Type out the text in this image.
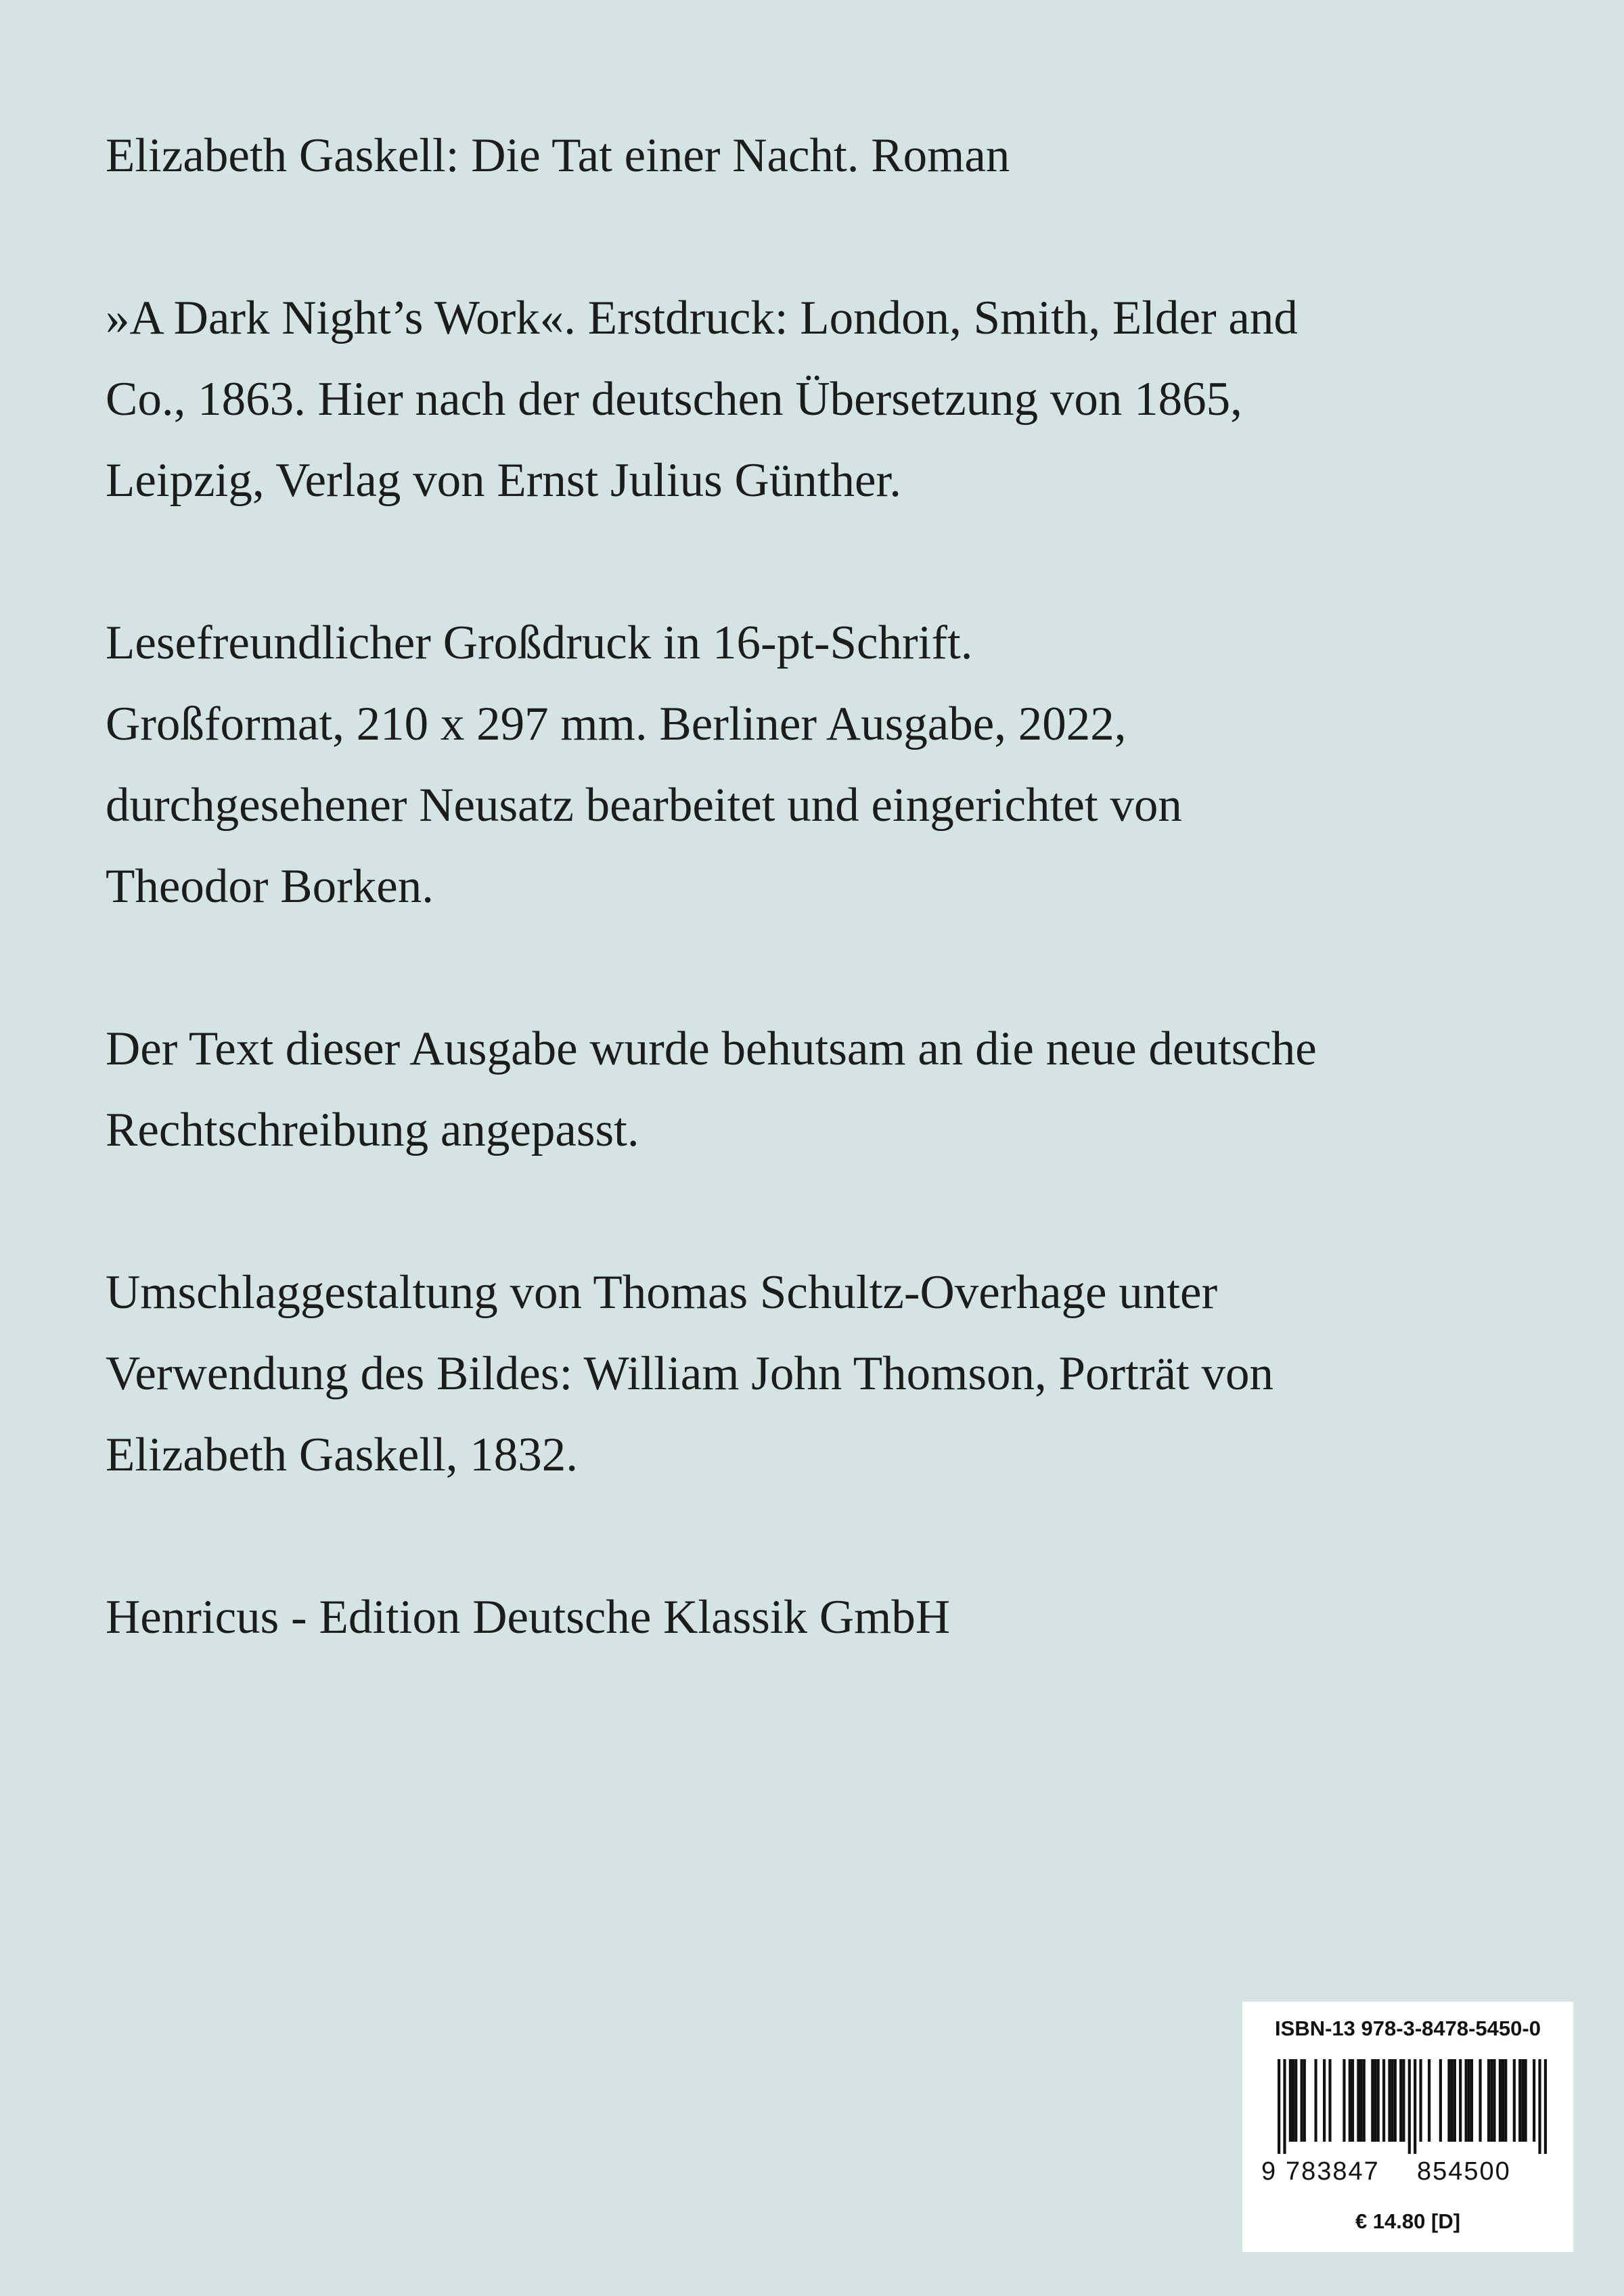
Elizabeth Gaskell: Die Tat einer Nacht. Roman

»A Dark Night’s Work«. Erstdruck: London, Smith, Elder and
Co., 1863. Hier nach der deutschen Übersetzung von 1865,
Leipzig, Verlag von Ernst Julius Günther.

Lesefreundlicher Großdruck in 16-pt-Schrift.
Großformat, 210 x 297 mm. Berliner Ausgabe, 2022,
durchgesehener Neusatz bearbeitet und eingerichtet von
Theodor Borken.

Der Text dieser Ausgabe wurde behutsam an die neue deutsche
Rechtschreibung angepasst.

Umschlaggestaltung von Thomas Schultz-Overhage unter
Verwendung des Bildes: William John Thomson, Porträt von
Elizabeth Gaskell, 1832.

Henricus - Edition Deutsche Klassik GmbH

ISBN-13 978-3-8478-5450-0
9 783847 854500
€ 14.80 [D]
